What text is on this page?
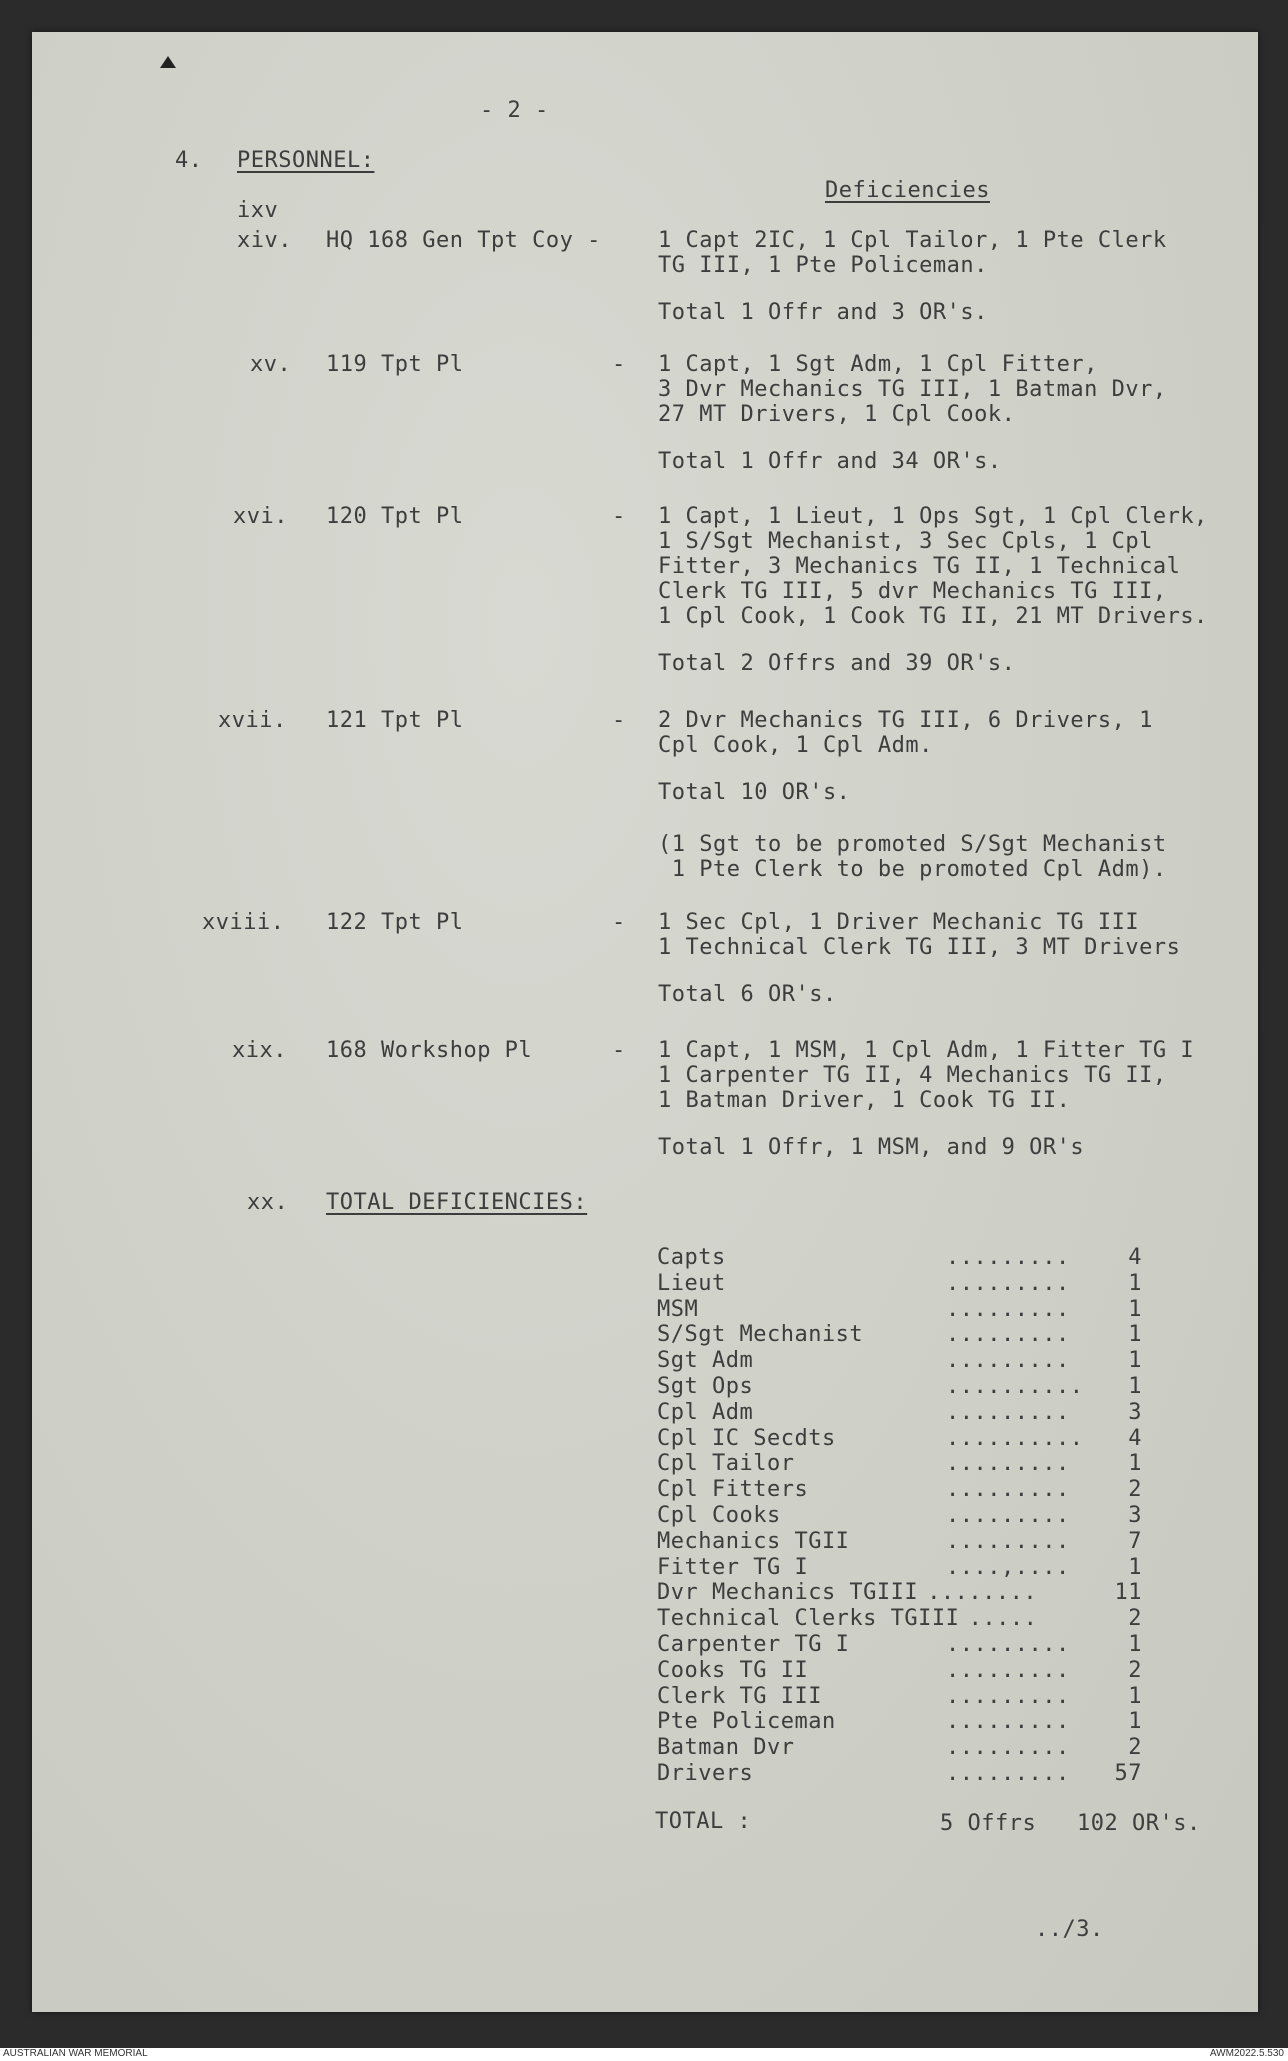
- 2 -
4. PERSONNEL:
Deficiencies
ixv
xiv. HQ 168 Gen Tpt Coy -	1 Capt 2IC, 1 Cpl Tailor, 1 Pte Clerk
TG III, 1 Pte Policeman.
Total 1 Offr and 3 OR's.
xv. 119 Tpt Pl	- 1 Capt, 1 Sgt Adm, 1 Cpl Fitter,
3 Dvr Mechanics TG III, 1 Batman Dvr,
27 MT Drivers, 1 Cpl Cook.
Total 1 Offr and 34 OR's.
xvi. 120 Tpt Pl	- 1 Capt, 1 Lieut, 1 Ops Sgt, 1 Cpl Clerk,
1 S/Sgt Mechanist, 3 Sec Cpls, 1 Cpl
Fitter, 3 Mechanics TG II, 1 Technical
Clerk TG III, 5 dvr Mechanics TG III,
1 Cpl Cook, 1 Cook TG II, 21 MT Drivers.
Total 2 Offrs and 39 OR's.
xvii. 121 Tpt Pl	- 2 Dvr Mechanics TG III, 6 Drivers, 1
Cpl Cook, 1 Cpl Adm.
Total 10 OR's.
(1 Sgt to be promoted S/Sgt Mechanist
1 Pte Clerk to be promoted Cpl Adm).
xviii. 122 Tpt Pl	- 1 Sec Cpl, 1 Driver Mechanic TG III
1 Technical Clerk TG III, 3 MT Drivers
Total 6 OR's.
xix. 168 Workshop Pl	- 1 Capt, 1 MSM, 1 Cpl Adm, 1 Fitter TG I
1 Carpenter TG II, 4 Mechanics TG II,
1 Batman Driver, 1 Cook TG II.
Total 1 Offr, 1 MSM, and 9 OR's
xx. TOTAL DEFICIENCIES:
Capts	.........	4
Lieut	.........	1
MSM	.........	1
S/Sgt Mechanist	.........	1
Sgt Adm	.........	1
Sgt Ops	..........	1
Cpl Adm	.........	3
Cpl IC Secdts	..........	4
Cpl Tailor	.........	1
Cpl Fitters	.........	2
Cpl Cooks	.........	3
Mechanics TGII	.........	7
Fitter TG I	....,....	1
Dvr Mechanics TGIII ........	11
Technical Clerks TGIII .....	2
Carpenter TG I	.........	1
Cooks TG II	.........	2
Clerk TG III	.........	1
Pte Policeman	.........	1
Batman Dvr	.........	2
Drivers	.........	57
TOTAL :	5 Offrs 102 OR's.
../3.
AUSTRALIAN WAR MEMORIAL	AWM2022.5.530
